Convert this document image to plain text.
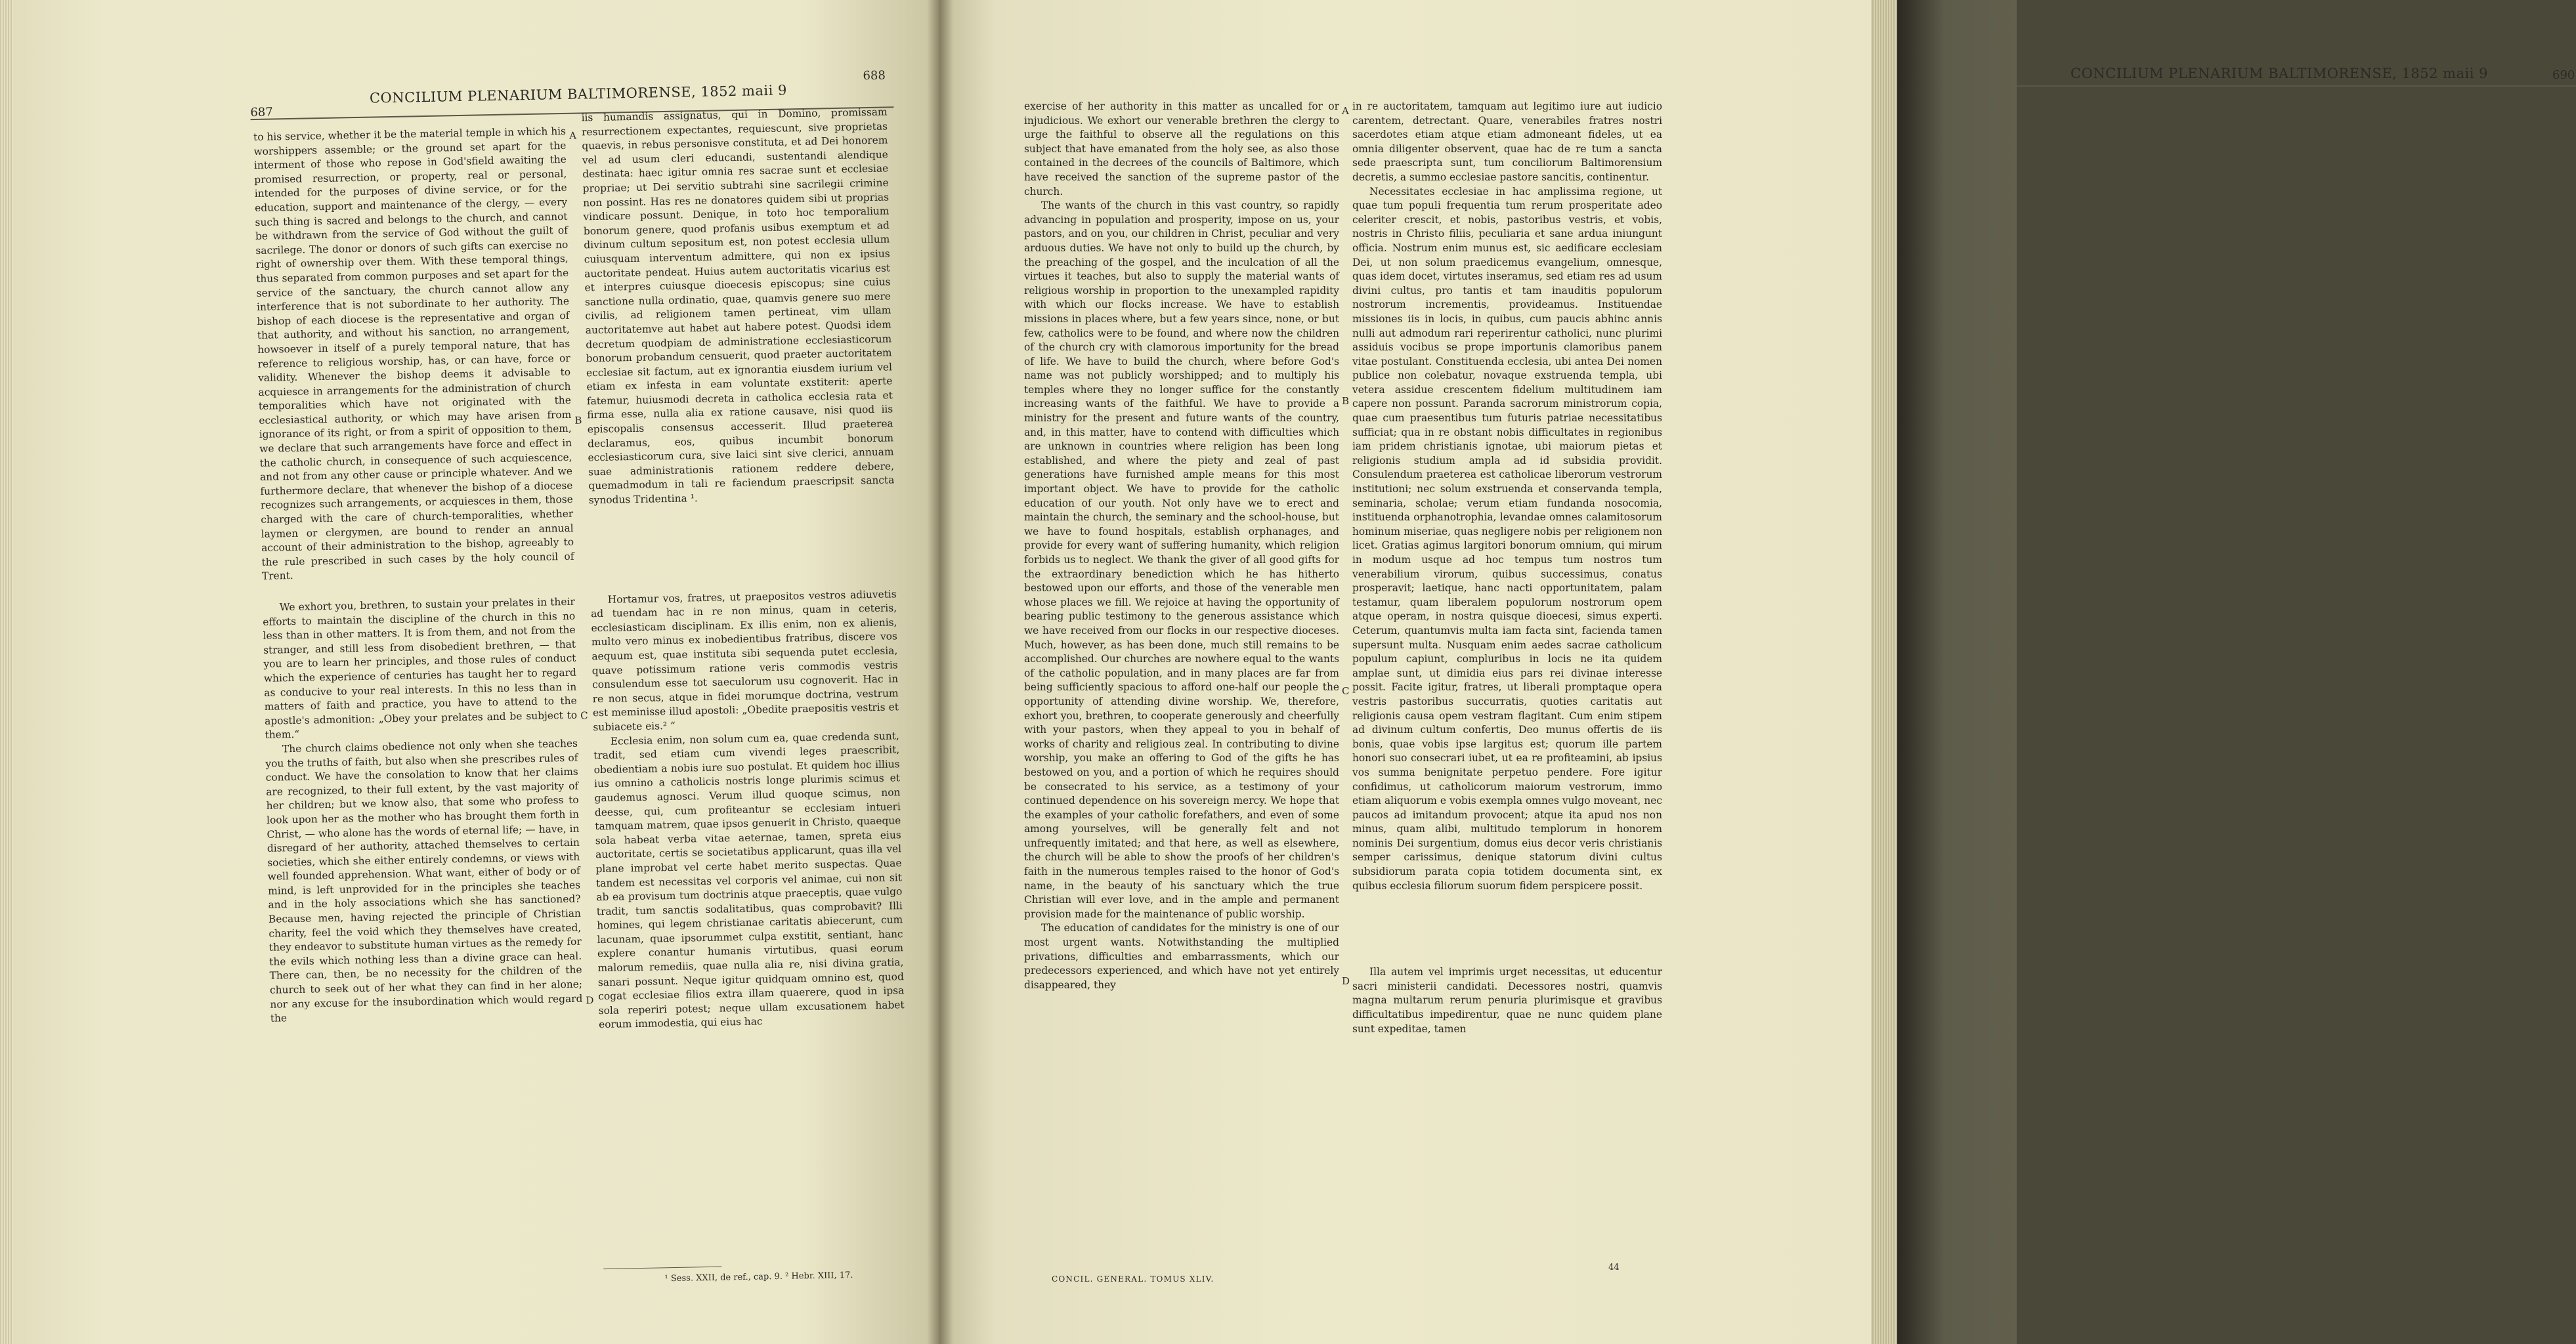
687
CONCILIUM PLENARIUM BALTIMORENSE, 1852 maii 9
688

to his service, whether it be the material temple in which his worshippers assemble; or the ground set apart for the interment of those who repose in God'sfield awaiting the promised resurrection, or property, real or personal, intended for the purposes of divine service, or for the education, support and maintenance of the clergy, — every such thing is sacred and belongs to the church, and cannot be withdrawn from the service of God without the guilt of sacrilege. The donor or donors of such gifts can exercise no right of ownership over them. With these temporal things, thus separated from common purposes and set apart for the service of the sanctuary, the church cannot allow any interference that is not subordinate to her authority. The bishop of each diocese is the representative and organ of that authority, and without his sanction, no arrangement, howsoever in itself of a purely temporal nature, that has reference to religious worship, has, or can have, force or validity. Whenever the bishop deems it advisable to acquiesce in arrangements for the administration of church temporalities which have not originated with the ecclesiastical authority, or which may have arisen from ignorance of its right, or from a spirit of opposition to them, we declare that such arrangements have force and effect in the catholic church, in consequence of such acquiescence, and not from any other cause or principle whatever. And we furthermore declare, that whenever the bishop of a diocese recognizes such arrangements, or acquiesces in them, those charged with the care of church-temporalities, whether laymen or clergymen, are bound to render an annual account of their administration to the bishop, agreeably to the rule prescribed in such cases by the holy council of Trent.

We exhort you, brethren, to sustain your prelates in their efforts to maintain the discipline of the church in this no less than in other matters. It is from them, and not from the stranger, and still less from disobedient brethren, — that you are to learn her principles, and those rules of conduct which the experience of centuries has taught her to regard as conducive to your real interests. In this no less than in matters of faith and practice, you have to attend to the apostle's admonition: „Obey your prelates and be subject to them.“

The church claims obedience not only when she teaches you the truths of faith, but also when she prescribes rules of conduct. We have the consolation to know that her claims are recognized, to their full extent, by the vast majority of her children; but we know also, that some who profess to look upon her as the mother who has brought them forth in Christ, — who alone has the words of eternal life; — have, in disregard of her authority, attached themselves to certain societies, which she either entirely condemns, or views with well founded apprehension. What want, either of body or of mind, is left unprovided for in the principles she teaches and in the holy associations which she has sanctioned? Because men, having rejected the principle of Christian charity, feel the void which they themselves have created, they endeavor to substitute human virtues as the remedy for the evils which nothing less than a divine grace can heal. There can, then, be no necessity for the children of the church to seek out of her what they can find in her alone; nor any excuse for the insubordination which would regard the

iis humandis assignatus, qui in Domino, promissam resurrectionem expectantes, requiescunt, sive proprietas quaevis, in rebus personisve constituta, et ad Dei honorem vel ad usum cleri educandi, sustentandi alendique destinata: haec igitur omnia res sacrae sunt et ecclesiae propriae; ut Dei servitio subtrahi sine sacrilegii crimine non possint. Has res ne donatores quidem sibi ut proprias vindicare possunt. Denique, in toto hoc temporalium bonorum genere, quod profanis usibus exemptum et ad divinum cultum sepositum est, non potest ecclesia ullum cuiusquam interventum admittere, qui non ex ipsius auctoritate pendeat. Huius autem auctoritatis vicarius est et interpres cuiusque dioecesis episcopus; sine cuius sanctione nulla ordinatio, quae, quamvis genere suo mere civilis, ad religionem tamen pertineat, vim ullam auctoritatemve aut habet aut habere potest. Quodsi idem decretum quodpiam de administratione ecclesiasticorum bonorum probandum censuerit, quod praeter auctoritatem ecclesiae sit factum, aut ex ignorantia eiusdem iurium vel etiam ex infesta in eam voluntate exstiterit: aperte fatemur, huiusmodi decreta in catholica ecclesia rata et firma esse, nulla alia ex ratione causave, nisi quod iis episcopalis consensus accesserit. Illud praeterea declaramus, eos, quibus incumbit bonorum ecclesiasticorum cura, sive laici sint sive clerici, annuam suae administrationis rationem reddere debere, quemadmodum in tali re faciendum praescripsit sancta synodus Tridentina ¹.

Hortamur vos, fratres, ut praepositos vestros adiuvetis ad tuendam hac in re non minus, quam in ceteris, ecclesiasticam disciplinam. Ex illis enim, non ex alienis, multo vero minus ex inobedientibus fratribus, discere vos aequum est, quae instituta sibi sequenda putet ecclesia, quave potissimum ratione veris commodis vestris consulendum esse tot saeculorum usu cognoverit. Hac in re non secus, atque in fidei morumque doctrina, vestrum est meminisse illud apostoli: „Obedite praepositis vestris et subiacete eis.² “

Ecclesia enim, non solum cum ea, quae credenda sunt, tradit, sed etiam cum vivendi leges praescribit, obedientiam a nobis iure suo postulat. Et quidem hoc illius ius omnino a catholicis nostris longe plurimis scimus et gaudemus agnosci. Verum illud quoque scimus, non deesse, qui, cum profiteantur se ecclesiam intueri tamquam matrem, quae ipsos genuerit in Christo, quaeque sola habeat verba vitae aeternae, tamen, spreta eius auctoritate, certis se societatibus applicarunt, quas illa vel plane improbat vel certe habet merito suspectas. Quae tandem est necessitas vel corporis vel animae, cui non sit ab ea provisum tum doctrinis atque praeceptis, quae vulgo tradit, tum sanctis sodalitatibus, quas comprobavit? Illi homines, qui legem christianae caritatis abiecerunt, cum lacunam, quae ipsorummet culpa exstitit, sentiant, hanc explere conantur humanis virtutibus, quasi eorum malorum remediis, quae nulla alia re, nisi divina gratia, sanari possunt. Neque igitur quidquam omnino est, quod cogat ecclesiae filios extra illam quaerere, quod in ipsa sola reperiri potest; neque ullam excusationem habet eorum immodestia, qui eius hac

A
B
C
D
¹ Sess. XXII, de ref., cap. 9. ² Hebr. XIII, 17.
CONCILIUM PLENARIUM BALTIMORENSE, 1852 maii 9	690

exercise of her authority in this matter as uncalled for or injudicious. We exhort our venerable brethren the clergy to urge the faithful to observe all the regulations on this subject that have emanated from the holy see, as also those contained in the decrees of the councils of Baltimore, which have received the sanction of the supreme pastor of the church.

The wants of the church in this vast country, so rapidly advancing in population and prosperity, impose on us, your pastors, and on you, our children in Christ, peculiar and very arduous duties. We have not only to build up the church, by the preaching of the gospel, and the inculcation of all the virtues it teaches, but also to supply the material wants of religious worship in proportion to the unexampled rapidity with which our flocks increase. We have to establish missions in places where, but a few years since, none, or but few, catholics were to be found, and where now the children of the church cry with clamorous importunity for the bread of life. We have to build the church, where before God's name was not publicly worshipped; and to multiply his temples where they no longer suffice for the constantly increasing wants of the faithful. We have to provide a ministry for the present and future wants of the country, and, in this matter, have to contend with difficulties which are unknown in countries where religion has been long established, and where the piety and zeal of past generations have furnished ample means for this most important object. We have to provide for the catholic education of our youth. Not only have we to erect and maintain the church, the seminary and the school-house, but we have to found hospitals, establish orphanages, and provide for every want of suffering humanity, which religion forbids us to neglect. We thank the giver of all good gifts for the extraordinary benediction which he has hitherto bestowed upon our efforts, and those of the venerable men whose places we fill. We rejoice at having the opportunity of bearing public testimony to the generous assistance which we have received from our flocks in our respective dioceses. Much, however, as has been done, much still remains to be accomplished. Our churches are nowhere equal to the wants of the catholic population, and in many places are far from being sufficiently spacious to afford one-half our people the opportunity of attending divine worship. We, therefore, exhort you, brethren, to cooperate generously and cheerfully with your pastors, when they appeal to you in behalf of works of charity and religious zeal. In contributing to divine worship, you make an offering to God of the gifts he has bestowed on you, and a portion of which he requires should be consecrated to his service, as a testimony of your continued dependence on his sovereign mercy. We hope that the examples of your catholic forefathers, and even of some among yourselves, will be generally felt and not unfrequently imitated; and that here, as well as elsewhere, the church will be able to show the proofs of her children's faith in the numerous temples raised to the honor of God's name, in the beauty of his sanctuary which the true Christian will ever love, and in the ample and permanent provision made for the maintenance of public worship.

The education of candidates for the ministry is one of our most urgent wants. Notwithstanding the multiplied privations, difficulties and embarrassments, which our predecessors experienced, and which have not yet entirely disappeared, they

in re auctoritatem, tamquam aut legitimo iure aut iudicio carentem, detrectant. Quare, venerabiles fratres nostri sacerdotes etiam atque etiam admoneant fideles, ut ea omnia diligenter observent, quae hac de re tum a sancta sede praescripta sunt, tum conciliorum Baltimorensium decretis, a summo ecclesiae pastore sancitis, continentur.

Necessitates ecclesiae in hac amplissima regione, ut quae tum populi frequentia tum rerum prosperitate adeo celeriter crescit, et nobis, pastoribus vestris, et vobis, nostris in Christo filiis, peculiaria et sane ardua iniungunt officia. Nostrum enim munus est, sic aedificare ecclesiam Dei, ut non solum praedicemus evangelium, omnesque, quas idem docet, virtutes inseramus, sed etiam res ad usum divini cultus, pro tantis et tam inauditis populorum nostrorum incrementis, provideamus. Instituendae missiones iis in locis, in quibus, cum paucis abhinc annis nulli aut admodum rari reperirentur catholici, nunc plurimi assiduis vocibus se prope importunis clamoribus panem vitae postulant. Constituenda ecclesia, ubi antea Dei nomen publice non colebatur, novaque exstruenda templa, ubi vetera assidue crescentem fidelium multitudinem iam capere non possunt. Paranda sacrorum ministrorum copia, quae cum praesentibus tum futuris patriae necessitatibus sufficiat; qua in re obstant nobis difficultates in regionibus iam pridem christianis ignotae, ubi maiorum pietas et religionis studium ampla ad id subsidia providit. Consulendum praeterea est catholicae liberorum vestrorum institutioni; nec solum exstruenda et conservanda templa, seminaria, scholae; verum etiam fundanda nosocomia, instituenda orphanotrophia, levandae omnes calamitosorum hominum miseriae, quas negligere nobis per religionem non licet. Gratias agimus largitori bonorum omnium, qui mirum in modum usque ad hoc tempus tum nostros tum venerabilium virorum, quibus successimus, conatus prosperavit; laetique, hanc nacti opportunitatem, palam testamur, quam liberalem populorum nostrorum opem atque operam, in nostra quisque dioecesi, simus experti. Ceterum, quantumvis multa iam facta sint, facienda tamen supersunt multa. Nusquam enim aedes sacrae catholicum populum capiunt, compluribus in locis ne ita quidem amplae sunt, ut dimidia eius pars rei divinae interesse possit. Facite igitur, fratres, ut liberali promptaque opera vestris pastoribus succurratis, quoties caritatis aut religionis causa opem vestram flagitant. Cum enim stipem ad divinum cultum confertis, Deo munus offertis de iis bonis, quae vobis ipse largitus est; quorum ille partem honori suo consecrari iubet, ut ea re profiteamini, ab ipsius vos summa benignitate perpetuo pendere. Fore igitur confidimus, ut catholicorum maiorum vestrorum, immo etiam aliquorum e vobis exempla omnes vulgo moveant, nec paucos ad imitandum provocent; atque ita apud nos non minus, quam alibi, multitudo templorum in honorem nominis Dei surgentium, domus eius decor veris christianis semper carissimus, denique statorum divini cultus subsidiorum parata copia totidem documenta sint, ex quibus ecclesia filiorum suorum fidem perspicere possit.

Illa autem vel imprimis urget necessitas, ut educentur sacri ministerii candidati. Decessores nostri, quamvis magna multarum rerum penuria plurimisque et gravibus difficultatibus impedirentur, quae ne nunc quidem plane sunt expeditae, tamen

A
B
C
D
CONCIL. GENERAL. TOMUS XLIV.
44
